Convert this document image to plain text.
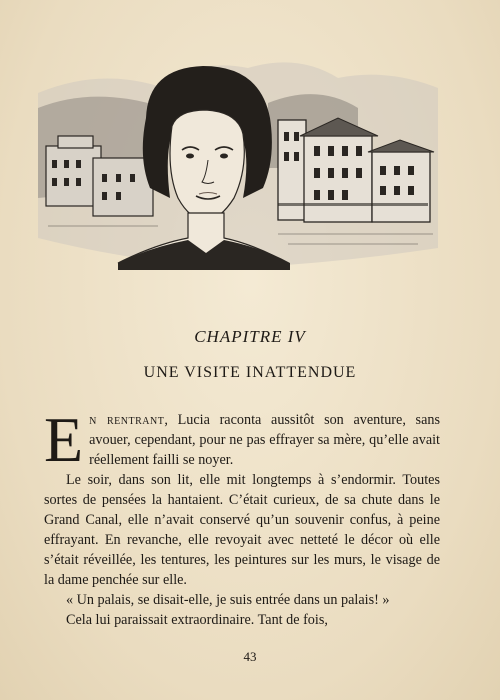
CHAPITRE IV
UNE VISITE INATTENDUE

En rentrant, Lucia raconta aussitôt son aventure, sans avouer, cependant, pour ne pas effrayer sa mère, qu’elle avait réellement failli se noyer.

Le soir, dans son lit, elle mit longtemps à s’endormir. Toutes sortes de pensées la hantaient. C’était curieux, de sa chute dans le Grand Canal, elle n’avait conservé qu’un souvenir confus, à peine effrayant. En revanche, elle revoyait avec netteté le décor où elle s’était réveillée, les tentures, les peintures sur les murs, le visage de la dame penchée sur elle.

« Un palais, se disait-elle, je suis entrée dans un palais! »

Cela lui paraissait extraordinaire. Tant de fois,

43
